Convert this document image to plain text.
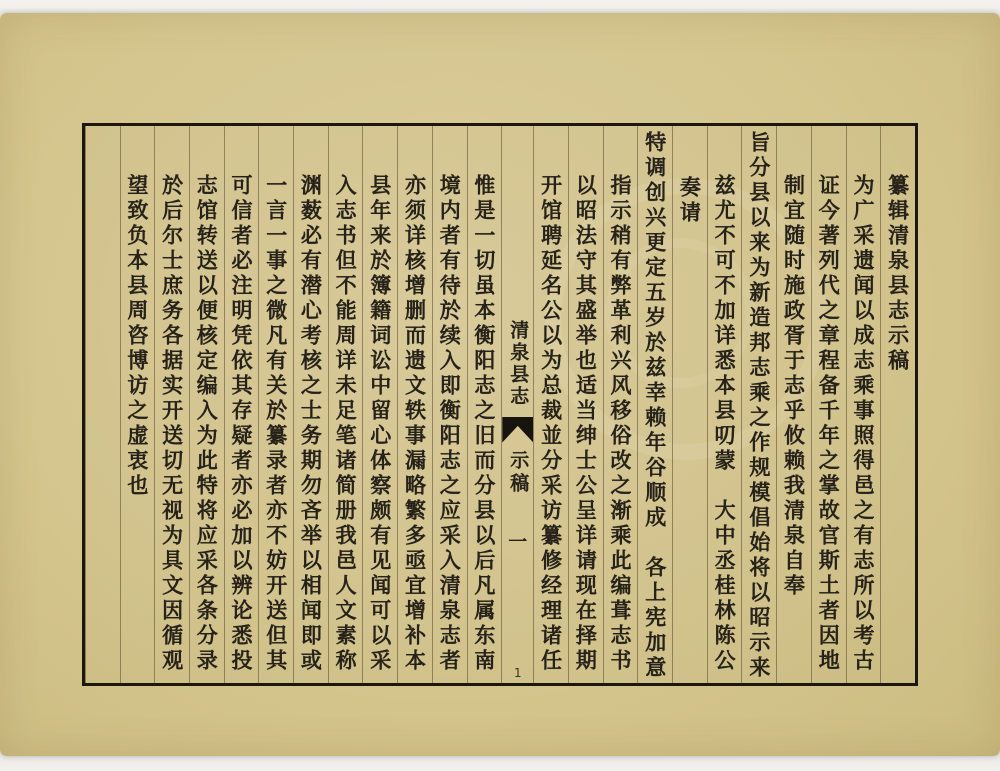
纂辑清泉县志示稿
为广采遗闻以成志乘事照得邑之有志所以考古
证今著列代之章程备千年之掌故官斯土者因地
制宜随时施政胥于志乎攸赖我清泉自奉
旨分县以来为新造邦志乘之作规模倡始将以昭示来
兹尤不可不加详悉本县叨蒙　大中丞桂林陈公
奏请
特调创兴更定五岁於兹幸赖年谷顺成　各上宪加意
指示稍有弊革利兴风移俗改之渐乘此编葺志书
以昭法守其盛举也适当绅士公呈详请现在择期
开馆聘延名公以为总裁並分采访纂修经理诸任
清泉县志
示稿
一
1
惟是一切虽本衡阳志之旧而分县以后凡属东南
境内者有待於续入即衡阳志之应采入清泉志者
亦须详核增删而遗文轶事漏略繁多亟宜增补本
县年来於簿籍词讼中留心体察颇有见闻可以采
入志书但不能周详未足笔诸简册我邑人文素称
渊薮必有潜心考核之士务期勿吝举以相闻即或
一言一事之微凡有关於纂录者亦不妨开送但其
可信者必注明凭依其存疑者亦必加以辨论悉投
志馆转送以便核定编入为此特将应采各条分录
於后尔士庶务各据实开送切无视为具文因循观
望致负本县周咨博访之虚衷也
